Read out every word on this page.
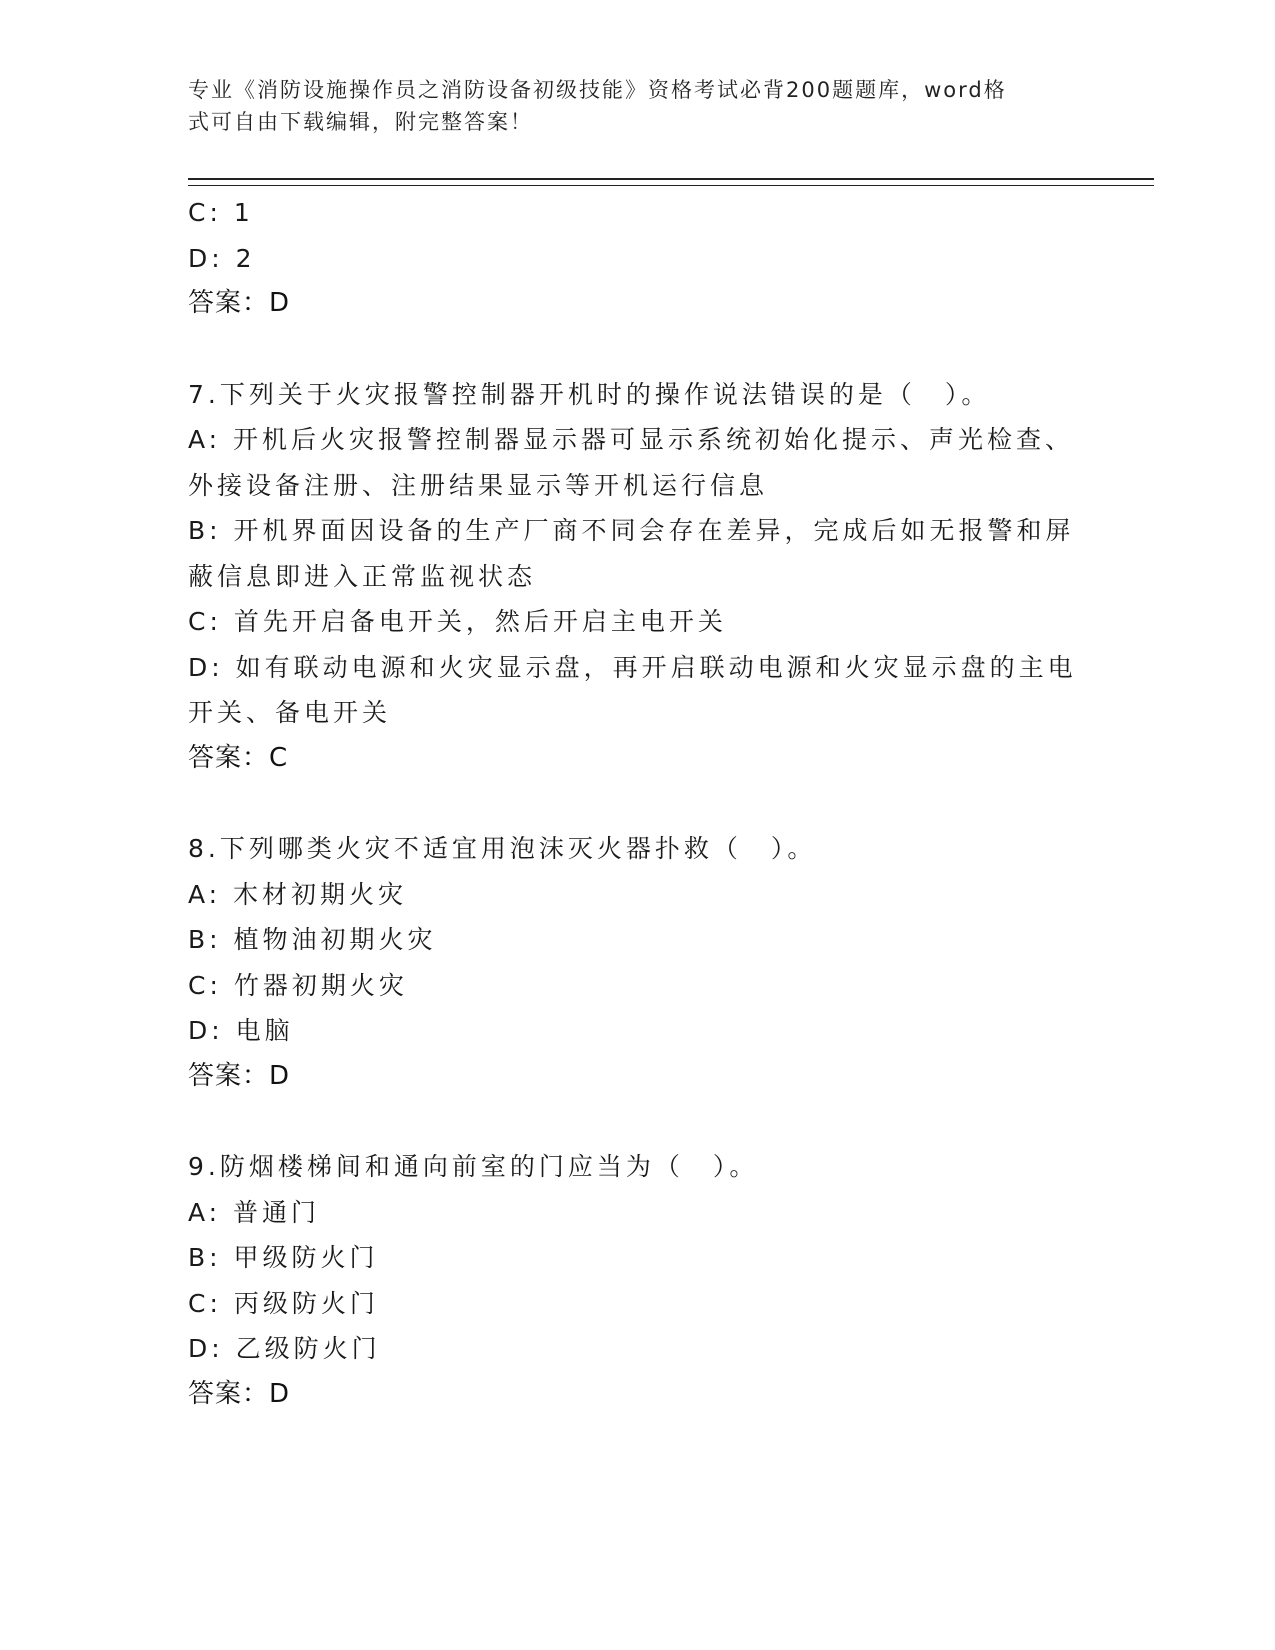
专业《消防设施操作员之消防设备初级技能》资格考试必背200题题库，word格
式可自由下载编辑，附完整答案！

C: 1

D: 2

答案：D

7.下列关于火灾报警控制器开机时的操作说法错误的是（　）。

A: 开机后火灾报警控制器显示器可显示系统初始化提示、声光检查、

外接设备注册、注册结果显示等开机运行信息

B: 开机界面因设备的生产厂商不同会存在差异，完成后如无报警和屏

蔽信息即进入正常监视状态

C: 首先开启备电开关，然后开启主电开关

D: 如有联动电源和火灾显示盘，再开启联动电源和火灾显示盘的主电

开关、备电开关

答案：C

8.下列哪类火灾不适宜用泡沫灭火器扑救（　）。

A: 木材初期火灾

B: 植物油初期火灾

C: 竹器初期火灾

D: 电脑

答案：D

9.防烟楼梯间和通向前室的门应当为（　）。

A: 普通门

B: 甲级防火门

C: 丙级防火门

D: 乙级防火门

答案：D
